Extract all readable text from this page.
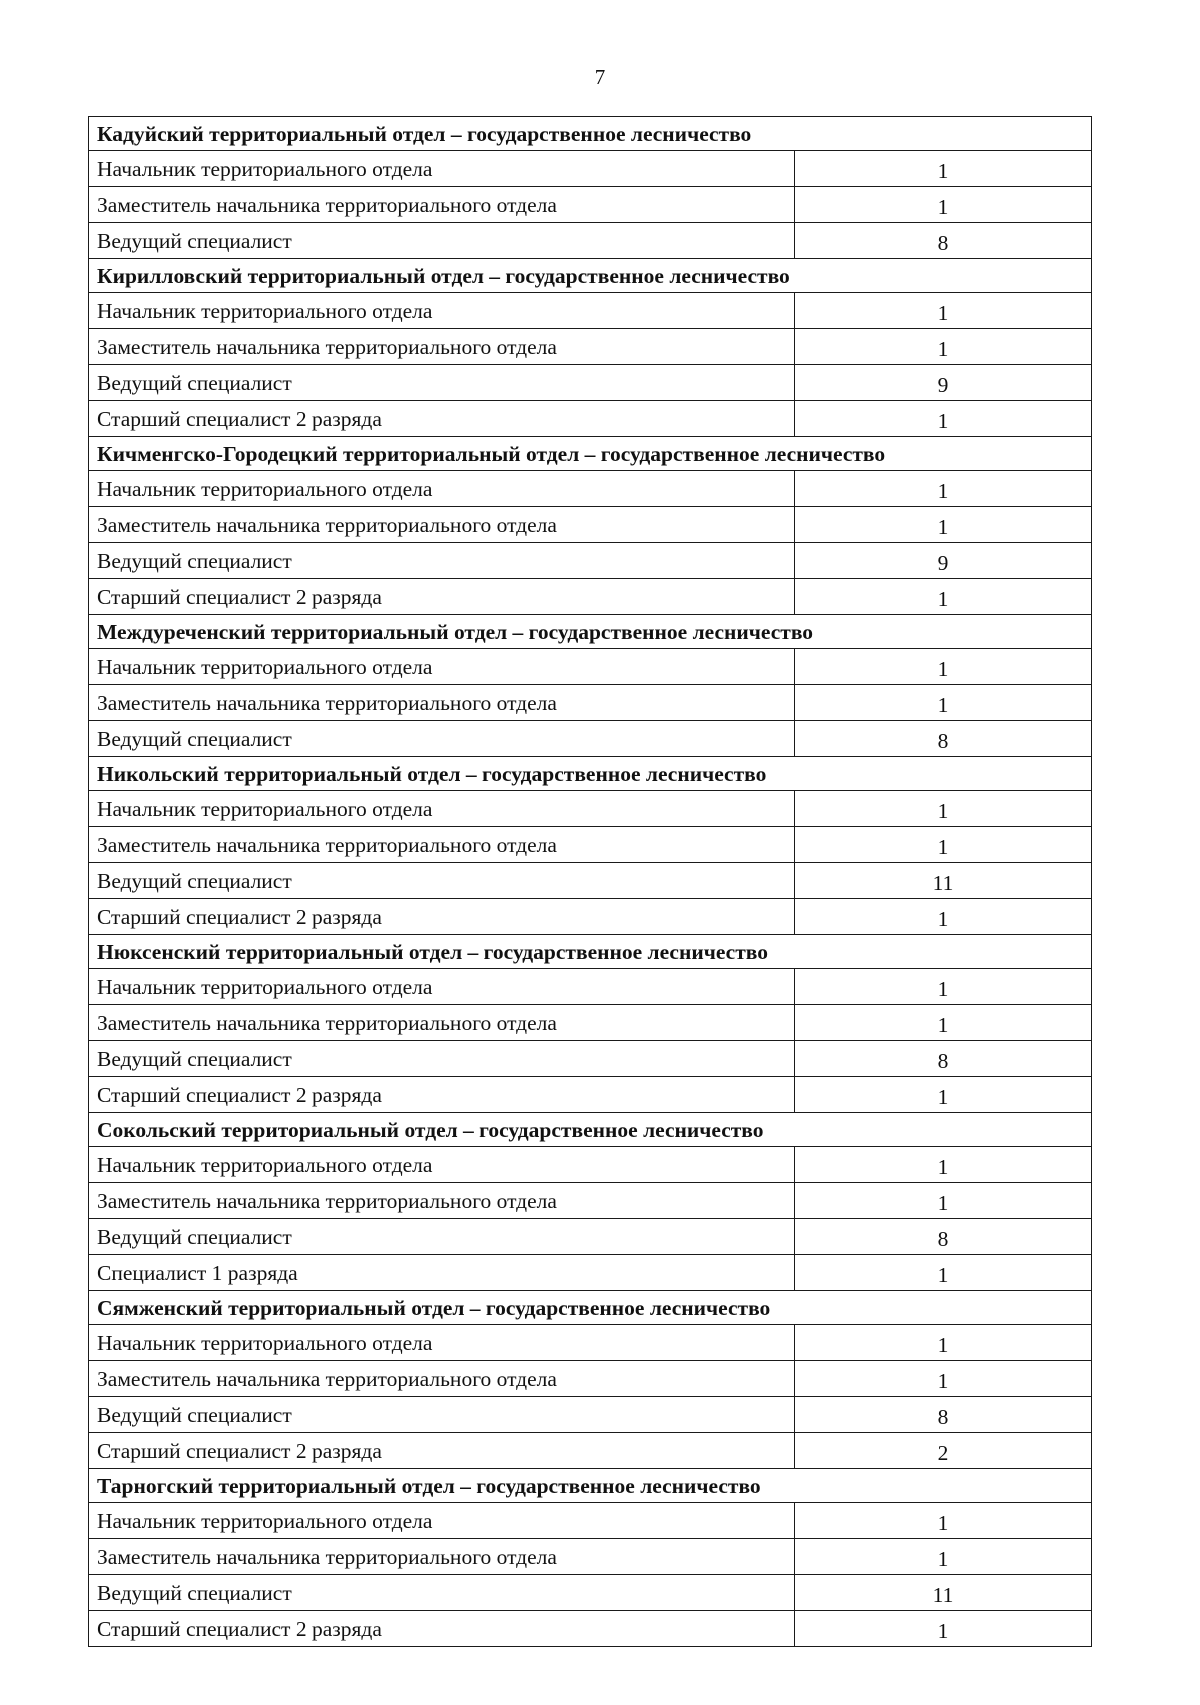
7
Кадуйский территориальный отдел – государственное лесничество	
Начальник территориального отдела	1
Заместитель начальника территориального отдела	1
Ведущий специалист	8
Кирилловский территориальный отдел – государственное лесничество	
Начальник территориального отдела	1
Заместитель начальника территориального отдела	1
Ведущий специалист	9
Старший специалист 2 разряда	1
Кичменгско-Городецкий территориальный отдел – государственное лесничество	
Начальник территориального отдела	1
Заместитель начальника территориального отдела	1
Ведущий специалист	9
Старший специалист 2 разряда	1
Междуреченский территориальный отдел – государственное лесничество	
Начальник территориального отдела	1
Заместитель начальника территориального отдела	1
Ведущий специалист	8
Никольский территориальный отдел – государственное лесничество	
Начальник территориального отдела	1
Заместитель начальника территориального отдела	1
Ведущий специалист	11
Старший специалист 2 разряда	1
Нюксенский территориальный отдел – государственное лесничество	
Начальник территориального отдела	1
Заместитель начальника территориального отдела	1
Ведущий специалист	8
Старший специалист 2 разряда	1
Сокольский территориальный отдел – государственное лесничество	
Начальник территориального отдела	1
Заместитель начальника территориального отдела	1
Ведущий специалист	8
Специалист 1 разряда	1
Сямженский территориальный отдел – государственное лесничество	
Начальник территориального отдела	1
Заместитель начальника территориального отдела	1
Ведущий специалист	8
Старший специалист 2 разряда	2
Тарногский территориальный отдел – государственное лесничество	
Начальник территориального отдела	1
Заместитель начальника территориального отдела	1
Ведущий специалист	11
Старший специалист 2 разряда	1
